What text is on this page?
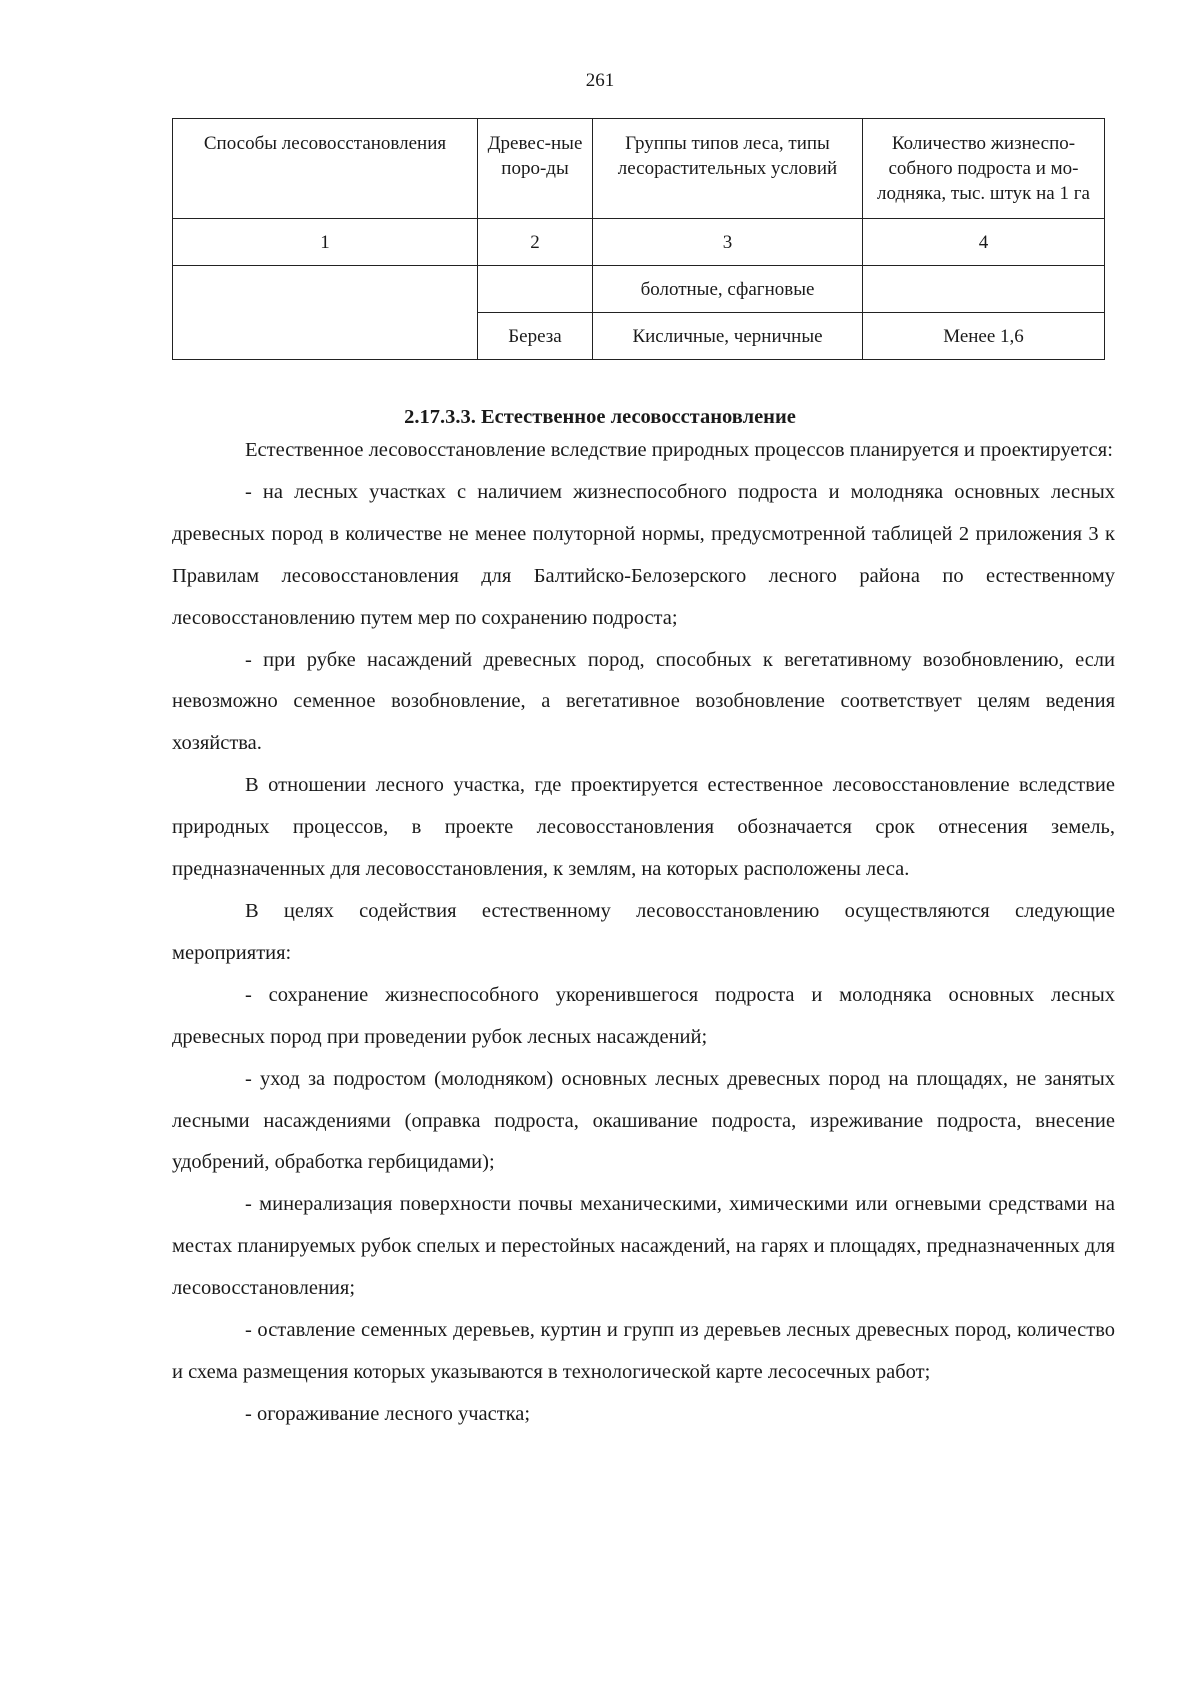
261
Способы лесовосстановления	Древес-ные поро-ды	Группы типов леса, типы лесорастительных условий	Количество жизнеспо-собного подроста и мо-лодняка, тыс. штук на 1 га
1	2	3	4
		болотные, сфагновые	
	Береза	Кисличные, черничные	Менее 1,6
2.17.3.3. Естественное лесовосстановление

Естественное лесовосстановление вследствие природных процессов планируется и проектируется:

- на лесных участках с наличием жизнеспособного подроста и молодняка основных лесных древесных пород в количестве не менее полуторной нормы, предусмотренной таблицей 2 приложения 3 к Правилам лесовосстановления для Балтийско-Белозерского лесного района по естественному лесовосстановлению путем мер по сохранению подроста;

- при рубке насаждений древесных пород, способных к вегетативному возобновлению, если невозможно семенное возобновление, а вегетативное возобновление соответствует целям ведения хозяйства.

В отношении лесного участка, где проектируется естественное лесовосстановление вследствие природных процессов, в проекте лесовосстановления обозначается срок отнесения земель, предназначенных для лесовосстановления, к землям, на которых расположены леса.

В целях содействия естественному лесовосстановлению осуществляются следующие мероприятия:

- сохранение жизнеспособного укоренившегося подроста и молодняка основных лесных древесных пород при проведении рубок лесных насаждений;

- уход за подростом (молодняком) основных лесных древесных пород на площадях, не занятых лесными насаждениями (оправка подроста, окашивание подроста, изреживание подроста, внесение удобрений, обработка гербицидами);

- минерализация поверхности почвы механическими, химическими или огневыми средствами на местах планируемых рубок спелых и перестойных насаждений, на гарях и площадях, предназначенных для лесовосстановления;

- оставление семенных деревьев, куртин и групп из деревьев лесных древесных пород, количество и схема размещения которых указываются в технологической карте лесосечных работ;

- огораживание лесного участка;
